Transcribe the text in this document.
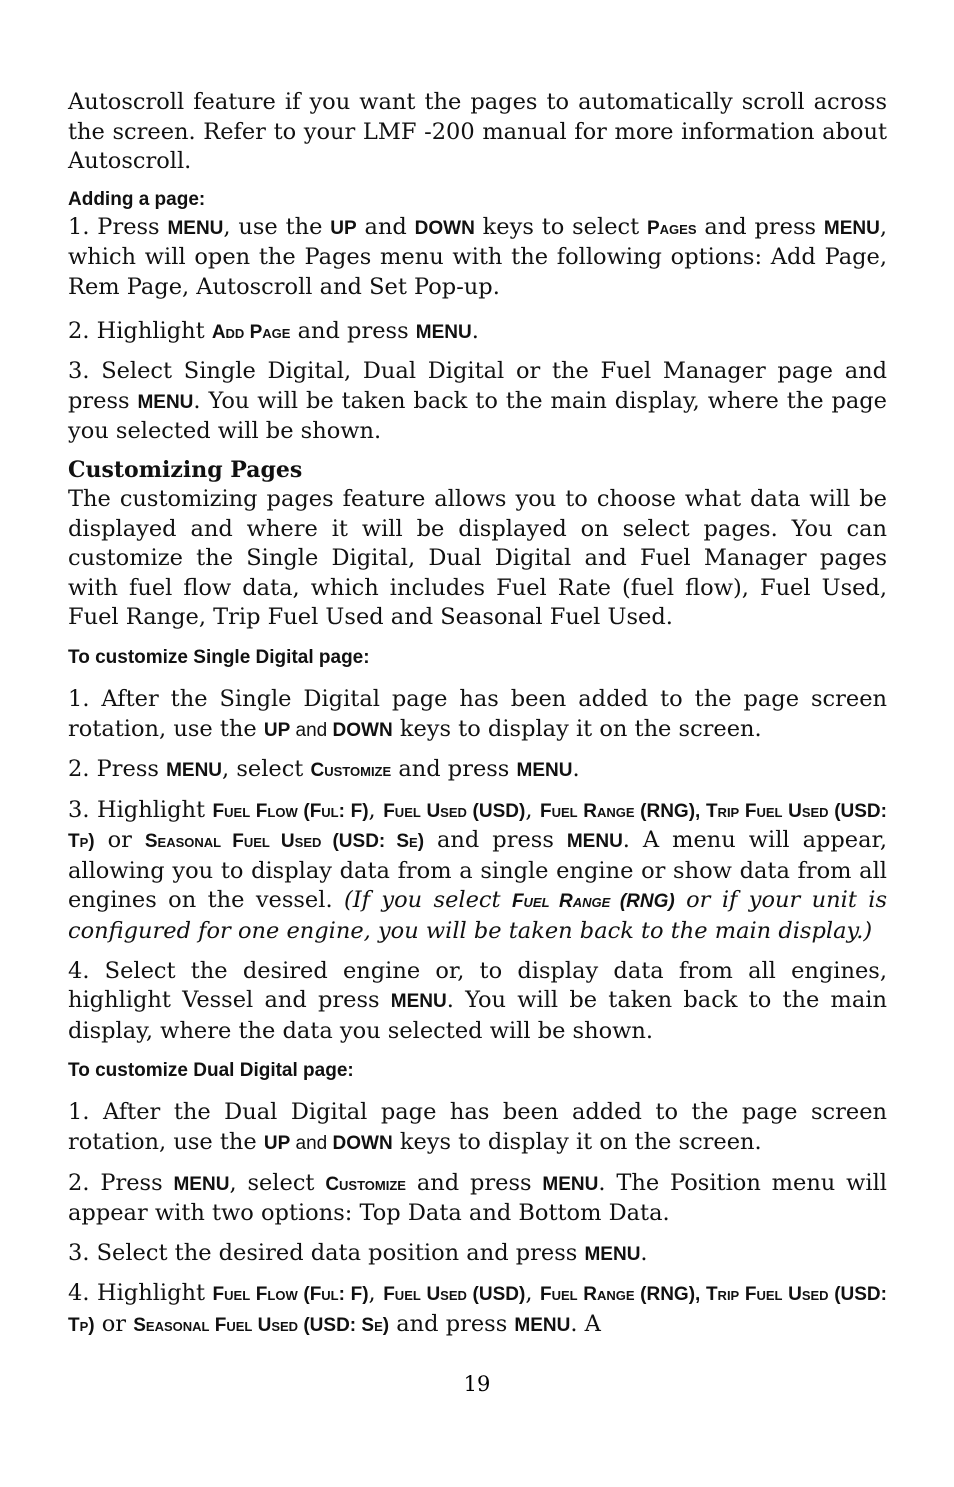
Autoscroll feature if you want the pages to automatically scroll across the screen. Refer to your LMF -200 manual for more information about Autoscroll.

Adding a page:

1. Press MENU, use the UP and DOWN keys to select Pages and press MENU, which will open the Pages menu with the following options: Add Page, Rem Page, Autoscroll and Set Pop-up.

2. Highlight Add Page and press MENU.

3. Select Single Digital, Dual Digital or the Fuel Manager page and press MENU. You will be taken back to the main display, where the page you selected will be shown.

Customizing Pages

The customizing pages feature allows you to choose what data will be displayed and where it will be displayed on select pages. You can customize the Single Digital, Dual Digital and Fuel Manager pages with fuel flow data, which includes Fuel Rate (fuel flow), Fuel Used, Fuel Range, Trip Fuel Used and Seasonal Fuel Used.

To customize Single Digital page:

1. After the Single Digital page has been added to the page screen rotation, use the UP and DOWN keys to display it on the screen.

2. Press MENU, select Customize and press MENU.

3. Highlight Fuel Flow (Ful: F), Fuel Used (USD), Fuel Range (RNG), Trip Fuel Used (USD: Tp) or Seasonal Fuel Used (USD: Se) and press MENU. A menu will appear, allowing you to display data from a single engine or show data from all engines on the vessel. (If you select Fuel Range (RNG) or if your unit is configured for one engine, you will be taken back to the main display.)

4. Select the desired engine or, to display data from all engines, highlight Vessel and press MENU. You will be taken back to the main display, where the data you selected will be shown.

To customize Dual Digital page:

1. After the Dual Digital page has been added to the page screen rotation, use the UP and DOWN keys to display it on the screen.

2. Press MENU, select Customize and press MENU. The Position menu will appear with two options: Top Data and Bottom Data.

3. Select the desired data position and press MENU.

4. Highlight Fuel Flow (Ful: F), Fuel Used (USD), Fuel Range (RNG), Trip Fuel Used (USD: Tp) or Seasonal Fuel Used (USD: Se) and press MENU. A

19
